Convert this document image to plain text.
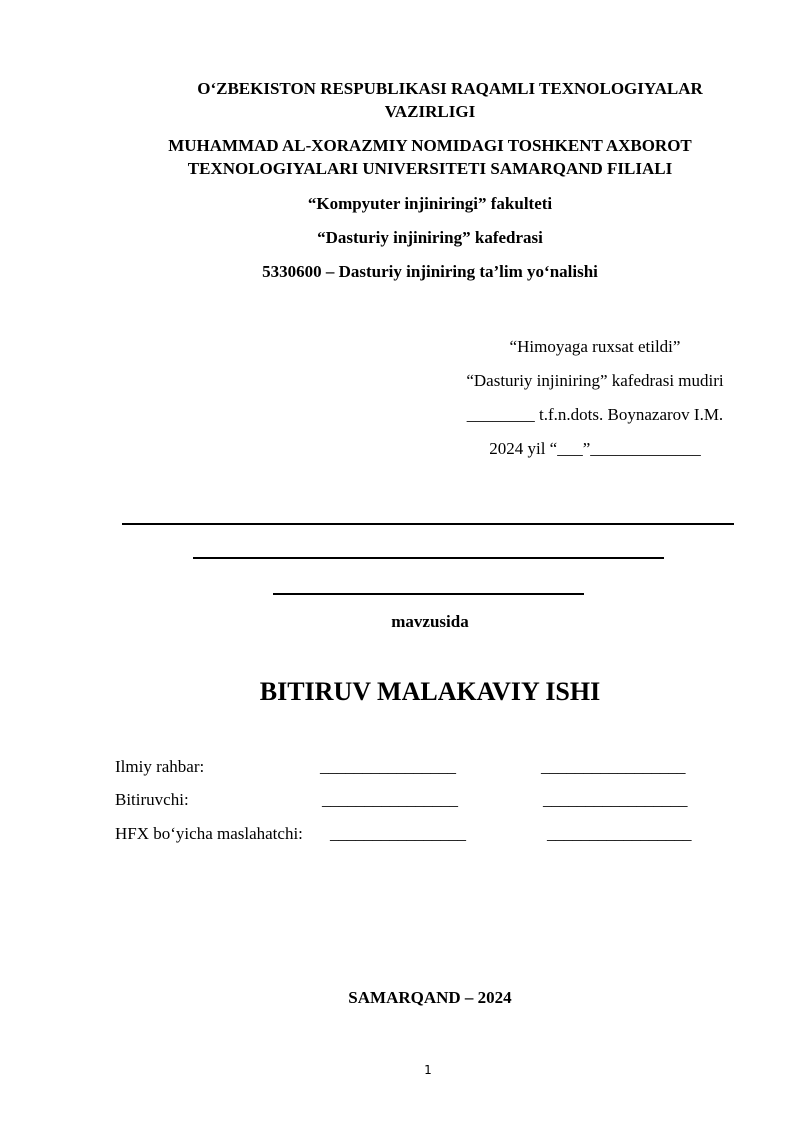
O‘ZBEKISTON RESPUBLIKASI RAQAMLI TEXNOLOGIYALAR
VAZIRLIGI
MUHAMMAD AL-XORAZMIY NOMIDAGI TOSHKENT AXBOROT
TEXNOLOGIYALARI UNIVERSITETI SAMARQAND FILIALI
“Kompyuter injiniringi” fakulteti
“Dasturiy injiniring” kafedrasi
5330600 – Dasturiy injiniring ta’lim yo‘nalishi
“Himoyaga ruxsat etildi”
“Dasturiy injiniring” kafedrasi mudiri
________ t.f.n.dots. Boynazarov I.M.
2024 yil “___”_____________
mavzusida
BITIRUV MALAKAVIY ISHI
Ilmiy rahbar:	________________	_________________
Bitiruvchi:	________________	_________________
HFX bo‘yicha maslahatchi: ________________	_________________
SAMARQAND – 2024
1
